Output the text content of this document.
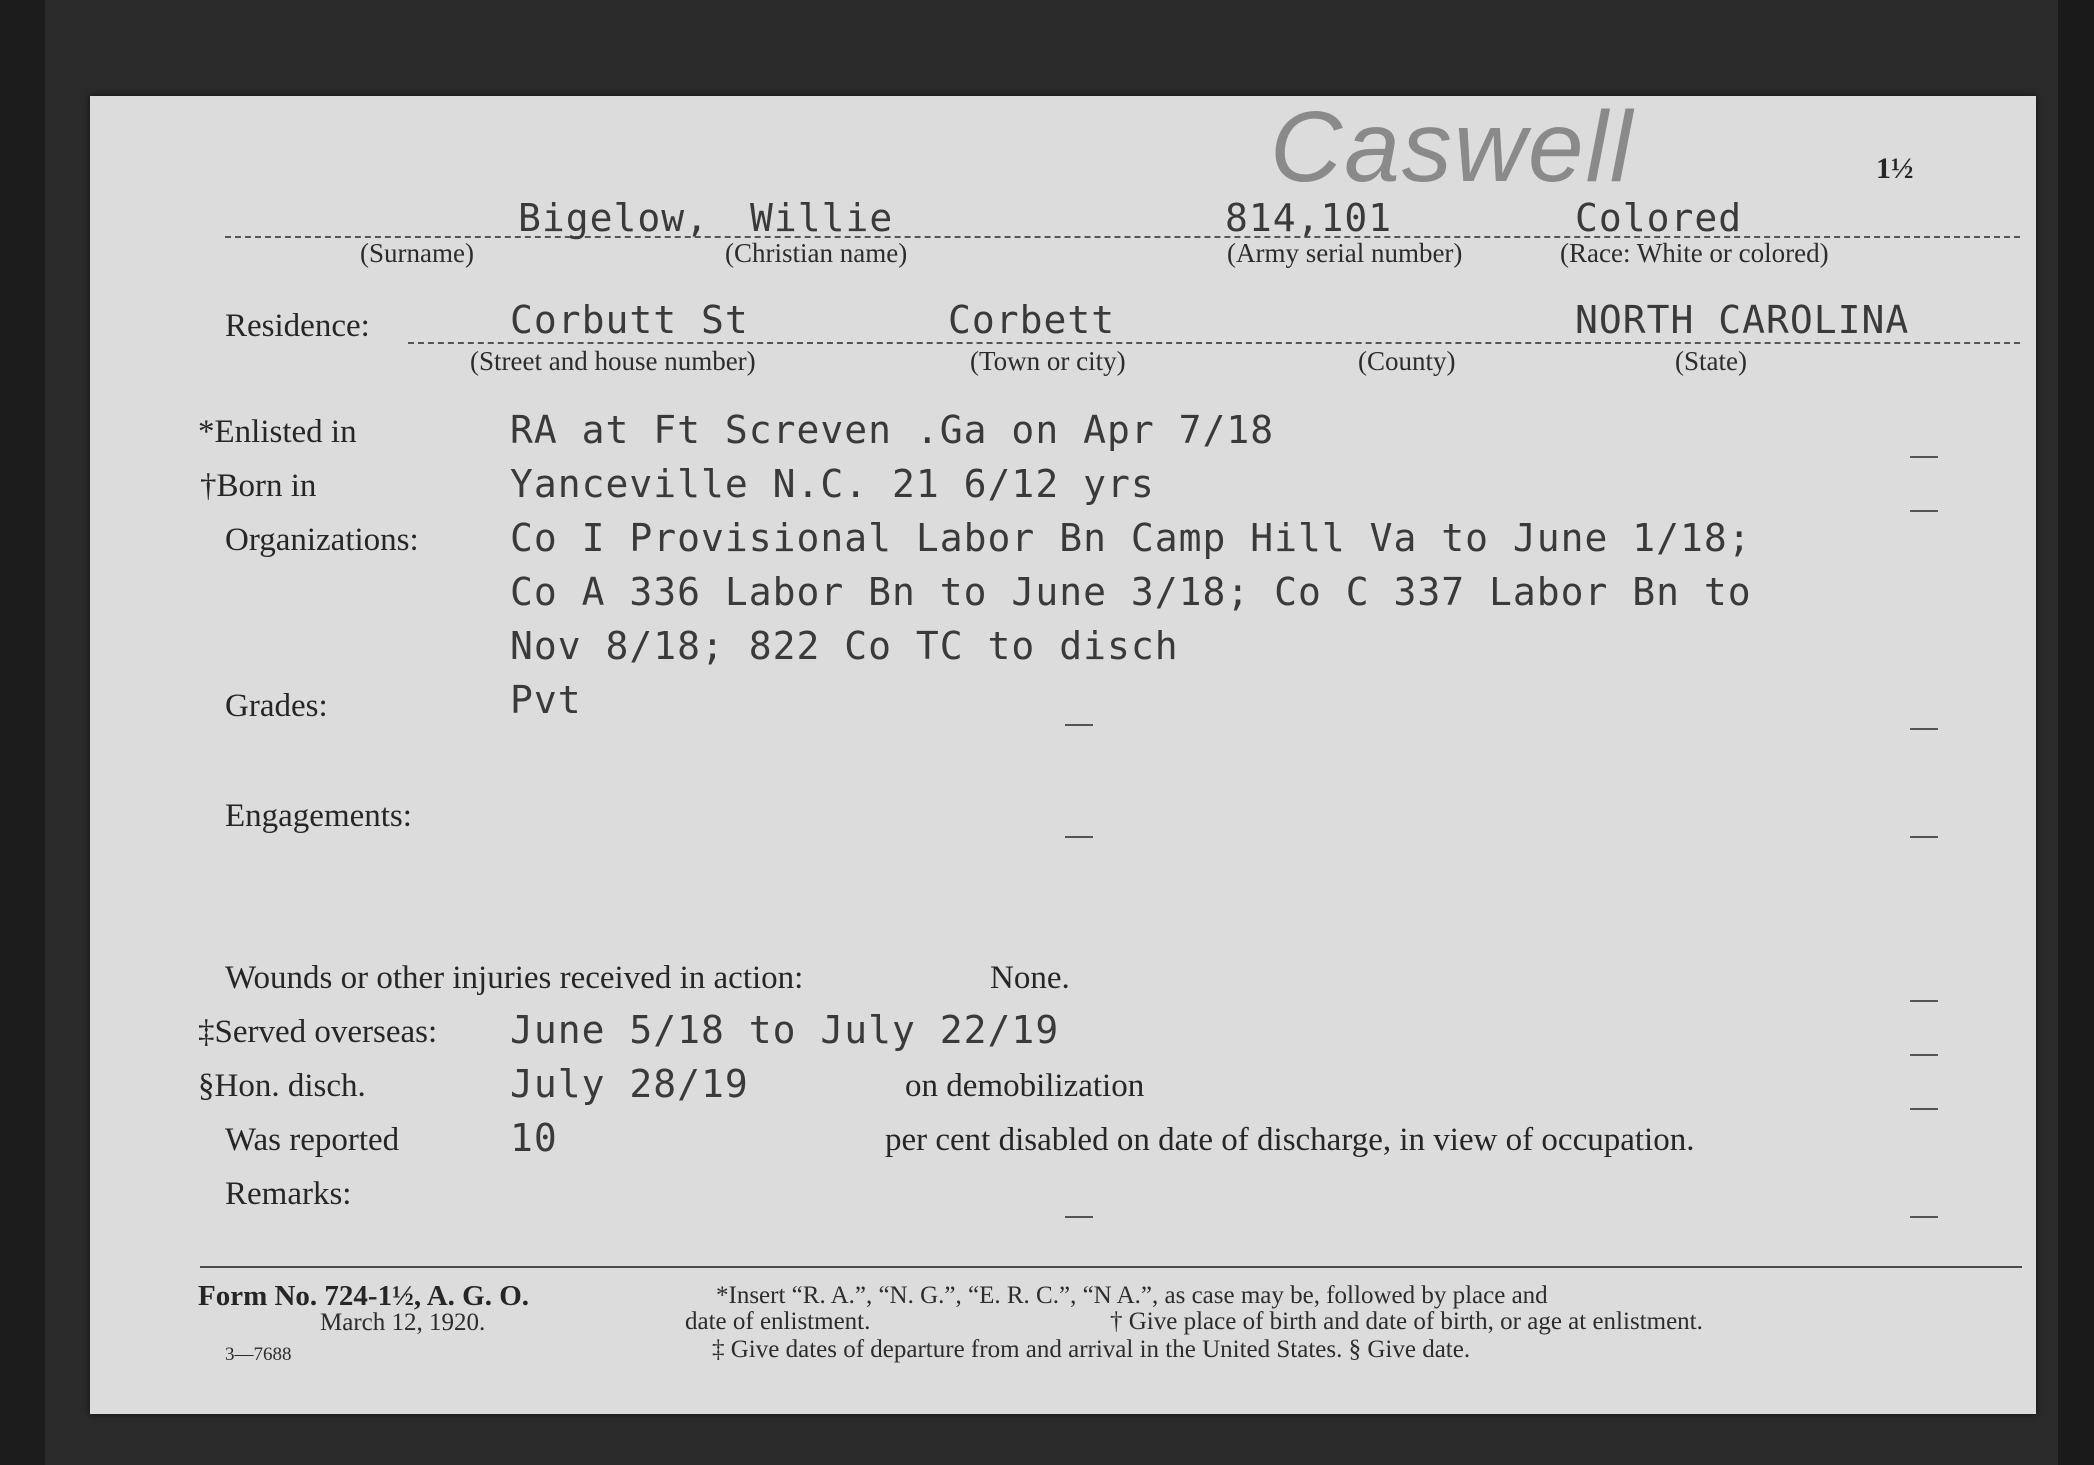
Caswell	1½
Bigelow, Willie	814,101	Colored
(Surname)	(Christian name)	(Army serial number)	(Race: White or colored)
Residence:	Corbutt St	Corbett	NORTH CAROLINA
(Street and house number)	(Town or city)	(County)	(State)
*Enlisted in	RA at Ft Screven .Ga on Apr 7/18
†Born in	Yanceville N.C. 21 6/12 yrs
Organizations: Co I Provisional Labor Bn Camp Hill Va to June 1/18;
Co A 336 Labor Bn to June 3/18; Co C 337 Labor Bn to
Nov 8/18; 822 Co TC to disch
Grades:	Pvt
Engagements:
Wounds or other injuries received in action:	None.
‡Served overseas: June 5/18 to July 22/19
§Hon. disch.	July 28/19	on demobilization
Was reported	10	per cent disabled on date of discharge, in view of occupation.
Remarks:
Form No. 724-1½, A. G. O.
March 12, 1920.
3—7688
*Insert “R. A.”, “N. G.”, “E. R. C.”, “N A.”, as case may be, followed by place and
date of enlistment.	† Give place of birth and date of birth, or age at enlistment.
‡ Give dates of departure from and arrival in the United States. § Give date.
